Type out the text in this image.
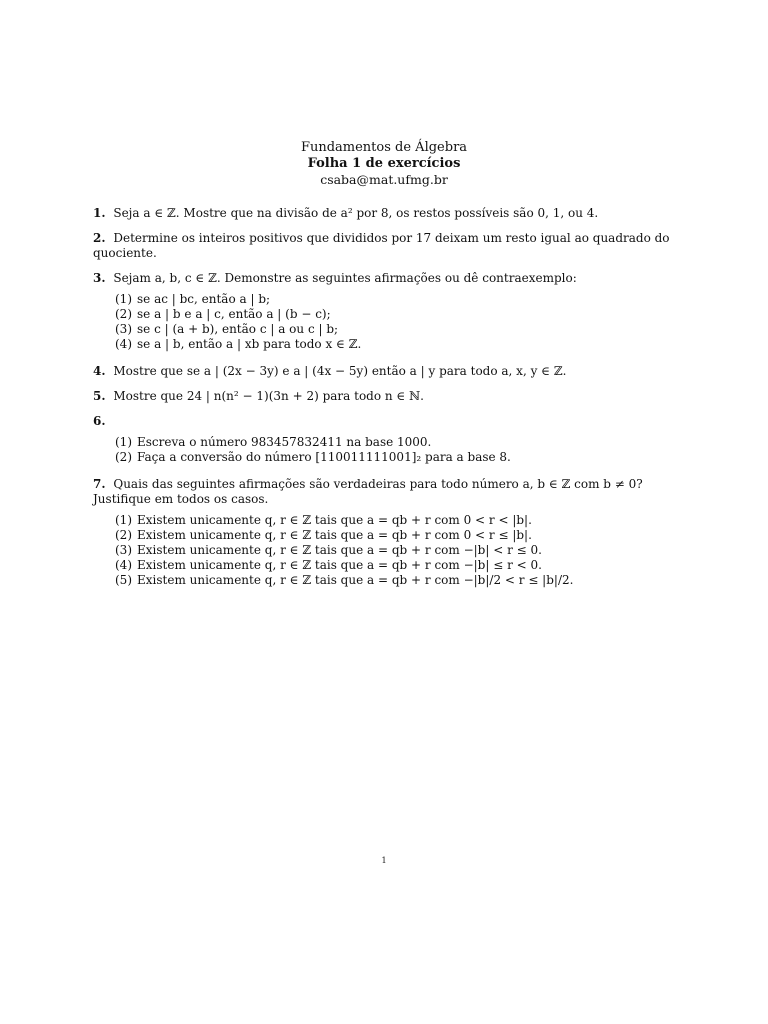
Fundamentos de Álgebra
Folha 1 de exercícios
csaba@mat.ufmg.br
1. Seja a ∈ ℤ. Mostre que na divisão de a² por 8, os restos possíveis são 0, 1, ou 4.
2. Determine os inteiros positivos que divididos por 17 deixam um resto igual ao quadrado do quociente.
3. Sejam a, b, c ∈ ℤ. Demonstre as seguintes afirmações ou dê contraexemplo:
(1) se ac | bc, então a | b;
(2) se a | b e a | c, então a | (b − c);
(3) se c | (a + b), então c | a ou c | b;
(4) se a | b, então a | xb para todo x ∈ ℤ.
4. Mostre que se a | (2x − 3y) e a | (4x − 5y) então a | y para todo a, x, y ∈ ℤ.
5. Mostre que 24 | n(n² − 1)(3n + 2) para todo n ∈ ℕ.
6.
(1) Escreva o número 983457832411 na base 1000.
(2) Faça a conversão do número [110011111001]₂ para a base 8.
7. Quais das seguintes afirmações são verdadeiras para todo número a, b ∈ ℤ com b ≠ 0? Justifique em todos os casos.
(1) Existem unicamente q, r ∈ ℤ tais que a = qb + r com 0 < r < |b|.
(2) Existem unicamente q, r ∈ ℤ tais que a = qb + r com 0 < r ≤ |b|.
(3) Existem unicamente q, r ∈ ℤ tais que a = qb + r com −|b| < r ≤ 0.
(4) Existem unicamente q, r ∈ ℤ tais que a = qb + r com −|b| ≤ r < 0.
(5) Existem unicamente q, r ∈ ℤ tais que a = qb + r com −|b|/2 < r ≤ |b|/2.
1
